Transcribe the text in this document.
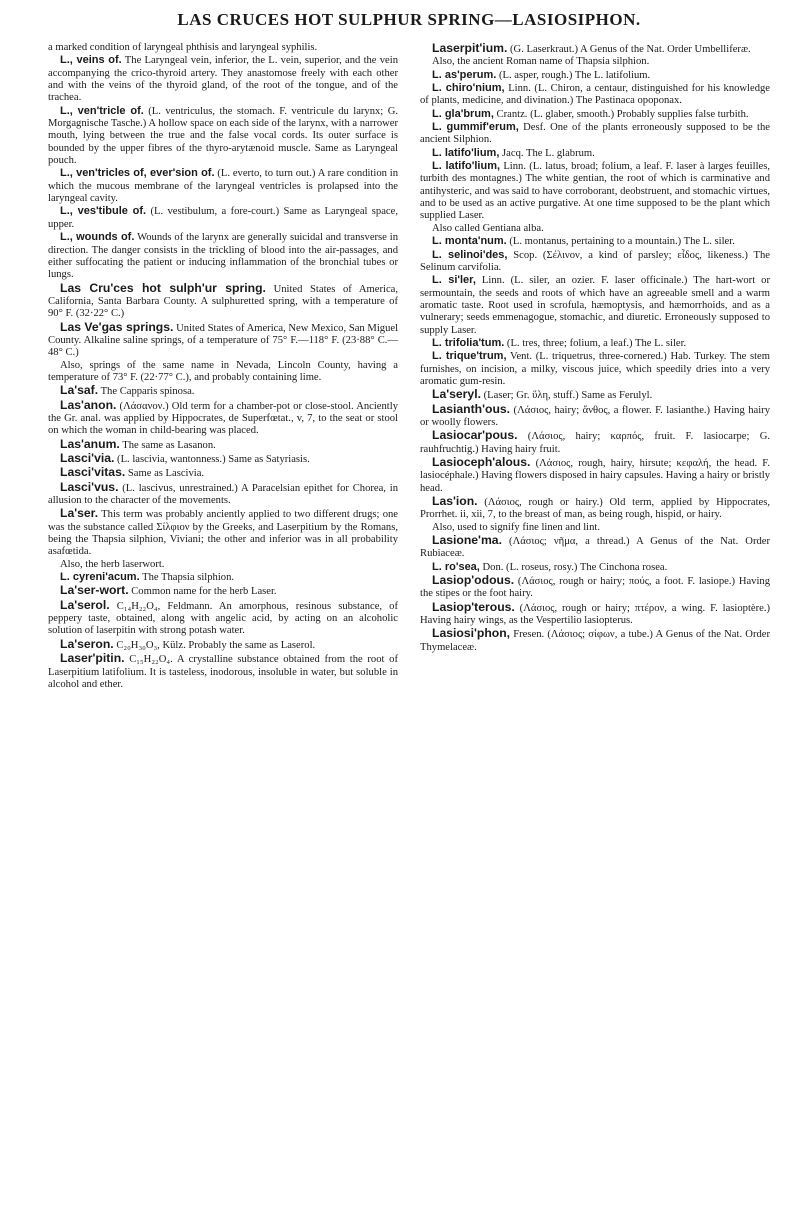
LAS CRUCES HOT SULPHUR SPRING—LASIOSIPHON.

a marked condition of laryngeal phthisis and laryngeal syphilis.

L., veins of. The Laryngeal vein, inferior, the L. vein, superior, and the vein accompanying the crico-thyroid artery. They anastomose freely with each other and with the veins of the thyroid gland, of the root of the tongue, and of the trachea.

L., ven'tricle of. (L. ventriculus, the stomach. F. ventricule du larynx; G. Morgagnische Tasche.) A hollow space on each side of the larynx, with a narrower mouth, lying between the true and the false vocal cords. Its outer surface is bounded by the upper fibres of the thyro-arytænoid muscle. Same as Laryngeal pouch.

L., ven'tricles of, ever'sion of. (L. everto, to turn out.) A rare condition in which the mucous membrane of the laryngeal ventricles is prolapsed into the laryngeal cavity.

L., ves'tibule of. (L. vestibulum, a fore-court.) Same as Laryngeal space, upper.

L., wounds of. Wounds of the larynx are generally suicidal and transverse in direction. The danger consists in the trickling of blood into the air-passages, and either suffocating the patient or inducing inflammation of the bronchial tubes or lungs.

Las Cru'ces hot sulph'ur spring. United States of America, California, Santa Barbara County. A sulphuretted spring, with a temperature of 90° F. (32·22° C.)

Las Ve'gas springs. United States of America, New Mexico, San Miguel County. Alkaline saline springs, of a temperature of 75° F.—118° F. (23·88° C.—48° C.)

Also, springs of the same name in Nevada, Lincoln County, having a temperature of 73° F. (22·77° C.), and probably containing lime.

La'saf. The Capparis spinosa.

Las'anon. (Λάσανον.) Old term for a chamber-pot or close-stool. Anciently the Gr. anal. was applied by Hippocrates, de Superfœtat., v, 7, to the seat or stool on which the woman in child-bearing was placed.

Las'anum. The same as Lasanon.

Lasci'via. (L. lascivia, wantonness.) Same as Satyriasis.

Lasci'vitas. Same as Lascivia.

Lasci'vus. (L. lascivus, unrestrained.) A Paracelsian epithet for Chorea, in allusion to the character of the movements.

La'ser. This term was probably anciently applied to two different drugs; one was the substance called Σίλφιον by the Greeks, and Laserpitium by the Romans, being the Thapsia silphion, Viviani; the other and inferior was in all probability asafœtida.

Also, the herb laserwort.

L. cyreni'acum. The Thapsia silphion.

La'ser-wort. Common name for the herb Laser.

La'serol. C₁₄H₂₂O₄, Feldmann. An amorphous, resinous substance, of peppery taste, obtained, along with angelic acid, by acting on an alcoholic solution of laserpitin with strong potash water.

La'seron. C₂₀H₃₀O₃, Külz. Probably the same as Laserol.

Laser'pitin. C₁₅H₂₂O₄. A crystalline substance obtained from the root of Laserpitium latifolium. It is tasteless, inodorous, insoluble in water, but soluble in alcohol and ether.

Laserpit'ium. (G. Laserkraut.) A Genus of the Nat. Order Umbelliferæ.

Also, the ancient Roman name of Thapsia silphion.

L. as'perum. (L. asper, rough.) The L. latifolium.

L. chiro'nium, Linn. (L. Chiron, a centaur, distinguished for his knowledge of plants, medicine, and divination.) The Pastinaca opoponax.

L. gla'brum, Crantz. (L. glaber, smooth.) Probably supplies false turbith.

L. gummif'erum, Desf. One of the plants erroneously supposed to be the ancient Silphion.

L. latifo'lium, Jacq. The L. glabrum.

L. latifo'lium, Linn. (L. latus, broad; folium, a leaf. F. laser à larges feuilles, turbith des montagnes.) The white gentian, the root of which is carminative and antihysteric, and was said to have corroborant, deobstruent, and stomachic virtues, and to be used as an active purgative. At one time supposed to be the plant which supplied Laser.

Also called Gentiana alba.

L. monta'num. (L. montanus, pertaining to a mountain.) The L. siler.

L. selinoi'des, Scop. (Σέλινον, a kind of parsley; εἶδος, likeness.) The Selinum carvifolia.

L. si'ler, Linn. (L. siler, an ozier. F. laser officinale.) The hart-wort or sermountain, the seeds and roots of which have an agreeable smell and a warm aromatic taste. Root used in scrofula, hæmoptysis, and hæmorrhoids, and as a vulnerary; seeds emmenagogue, stomachic, and diuretic. Erroneously supposed to supply Laser.

L. trifolia'tum. (L. tres, three; folium, a leaf.) The L. siler.

L. trique'trum, Vent. (L. triquetrus, three-cornered.) Hab. Turkey. The stem furnishes, on incision, a milky, viscous juice, which speedily dries into a very aromatic gum-resin.

La'seryl. (Laser; Gr. ὕλη, stuff.) Same as Ferulyl.

Lasianth'ous. (Λάσιος, hairy; ἄνθος, a flower. F. lasianthe.) Having hairy or woolly flowers.

Lasiocar'pous. (Λάσιος, hairy; καρπός, fruit. F. lasiocarpe; G. rauhfruchtig.) Having hairy fruit.

Lasioceph'alous. (Λάσιος, rough, hairy, hirsute; κεφαλή, the head. F. lasiocéphale.) Having flowers disposed in hairy capsules. Having a hairy or bristly head.

Las'ion. (Λάσιος, rough or hairy.) Old term, applied by Hippocrates, Prorrhet. ii, xii, 7, to the breast of man, as being rough, hispid, or hairy.

Also, used to signify fine linen and lint.

Lasione'ma. (Λάσιος; νῆμα, a thread.) A Genus of the Nat. Order Rubiaceæ.

L. ro'sea, Don. (L. roseus, rosy.) The Cinchona rosea.

Lasiop'odous. (Λάσιος, rough or hairy; πούς, a foot. F. lasiope.) Having the stipes or the foot hairy.

Lasiop'terous. (Λάσιος, rough or hairy; πτέρον, a wing. F. lasioptère.) Having hairy wings, as the Vespertilio lasiopterus.

Lasiosi'phon, Fresen. (Λάσιος; σίφων, a tube.) A Genus of the Nat. Order Thymelaceæ.
